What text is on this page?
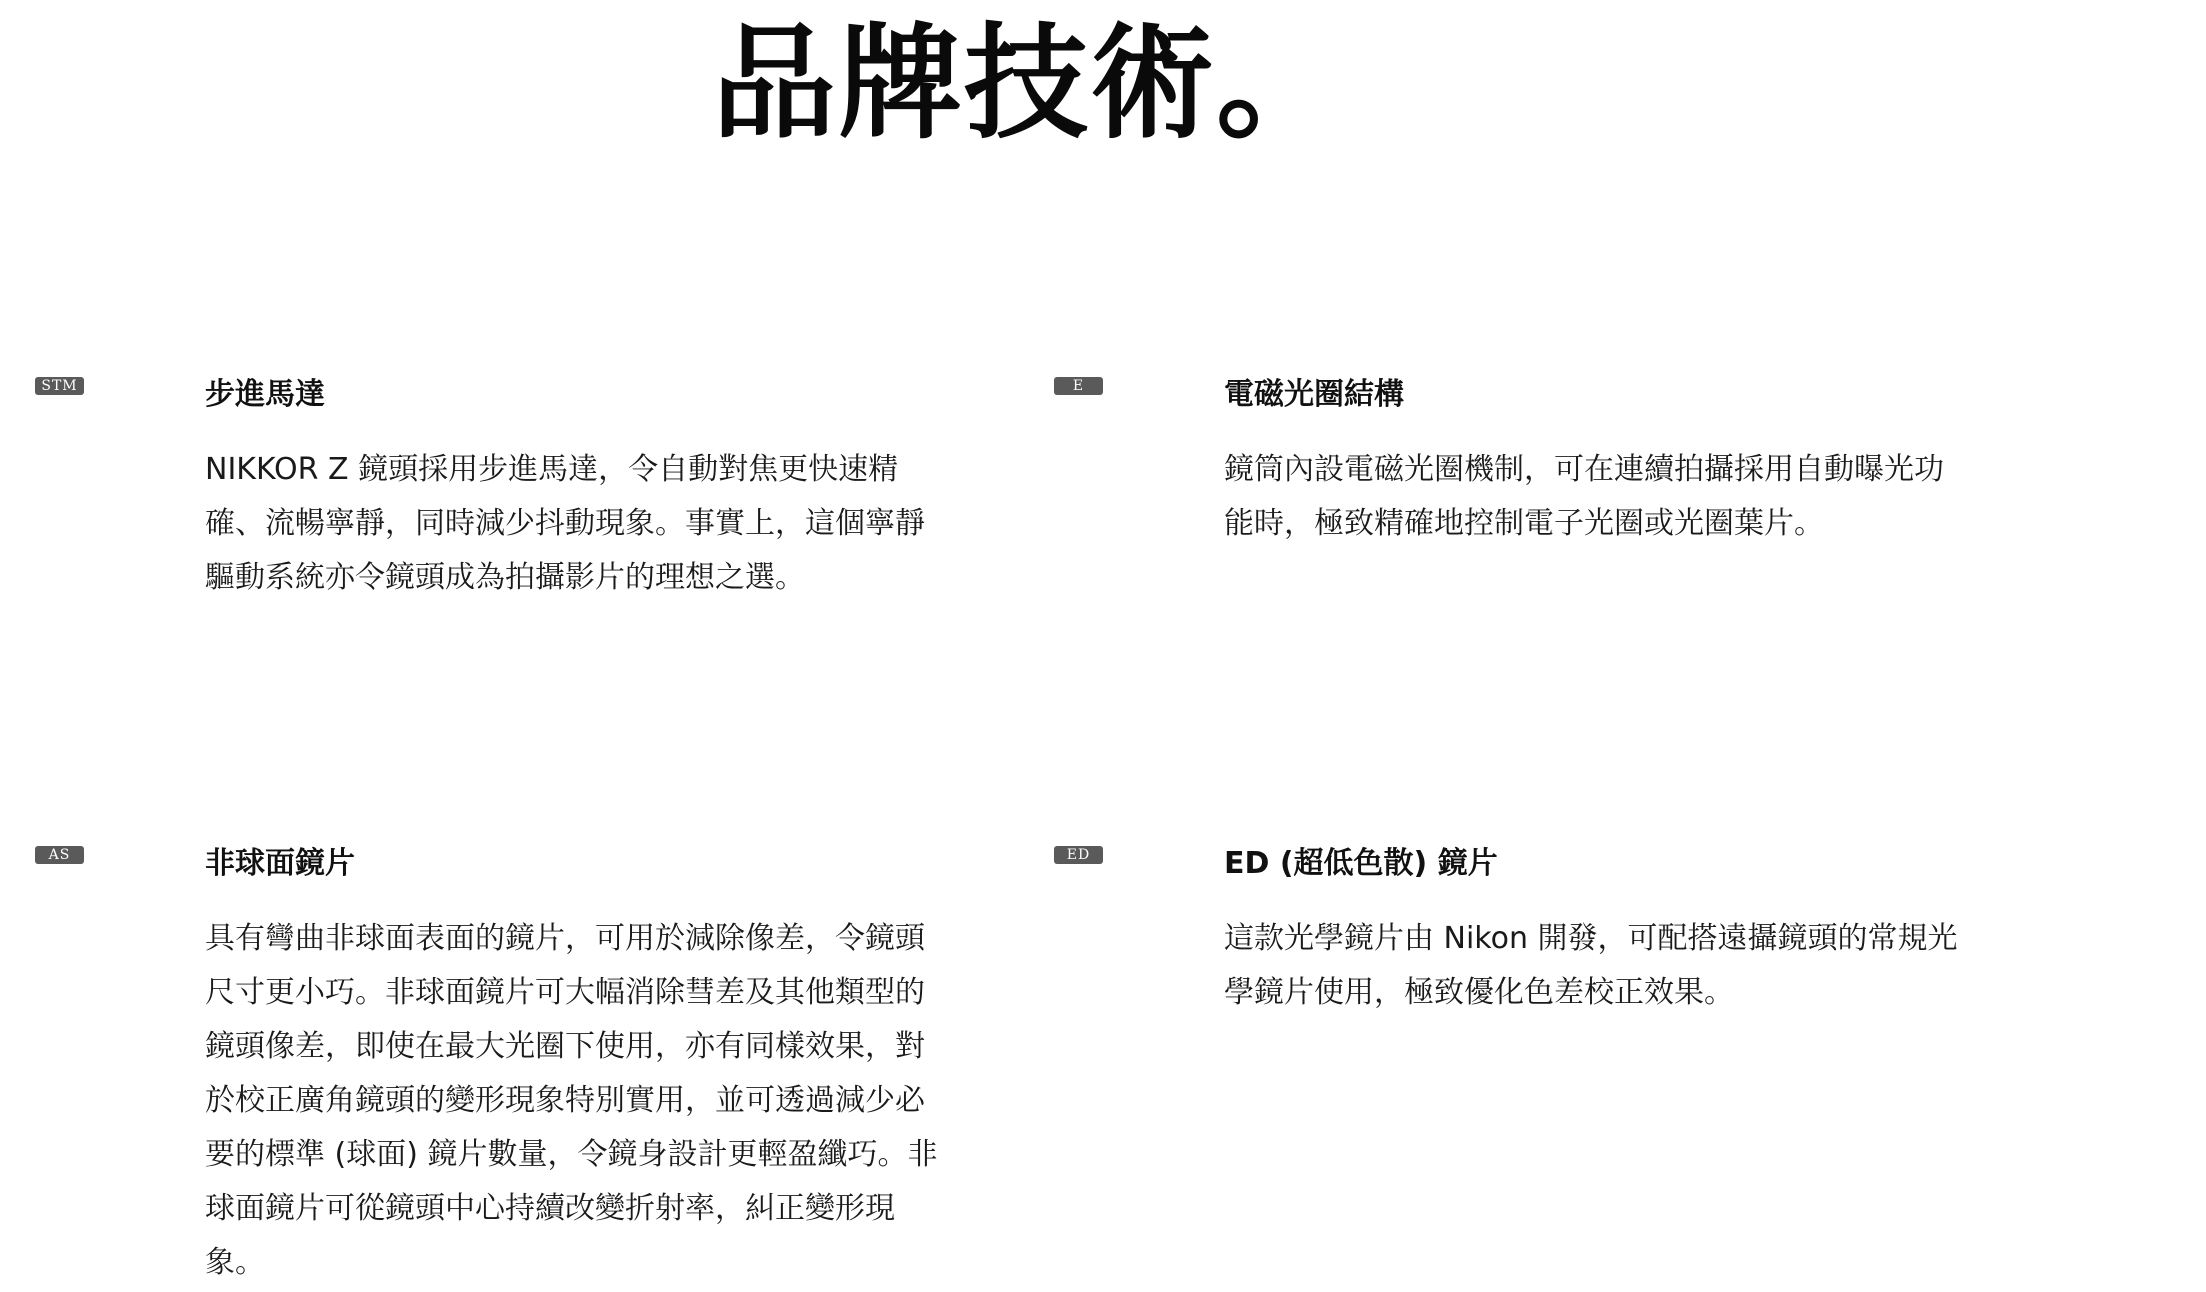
品牌技術。
STM	步進馬達

NIKKOR Z 鏡頭採用步進馬達，令自動對焦更快速精確、流暢寧靜，同時減少抖動現象。事實上，這個寧靜驅動系統亦令鏡頭成為拍攝影片的理想之選。

E	電磁光圈結構

鏡筒內設電磁光圈機制，可在連續拍攝採用自動曝光功能時，極致精確地控制電子光圈或光圈葉片。

AS	非球面鏡片

具有彎曲非球面表面的鏡片，可用於減除像差，令鏡頭尺寸更小巧。非球面鏡片可大幅消除彗差及其他類型的鏡頭像差，即使在最大光圈下使用，亦有同樣效果，對於校正廣角鏡頭的變形現象特別實用，並可透過減少必要的標準 (球面) 鏡片數量，令鏡身設計更輕盈纖巧。非球面鏡片可從鏡頭中心持續改變折射率，糾正變形現象。

ED	ED (超低色散) 鏡片

這款光學鏡片由 Nikon 開發，可配搭遠攝鏡頭的常規光學鏡片使用，極致優化色差校正效果。
